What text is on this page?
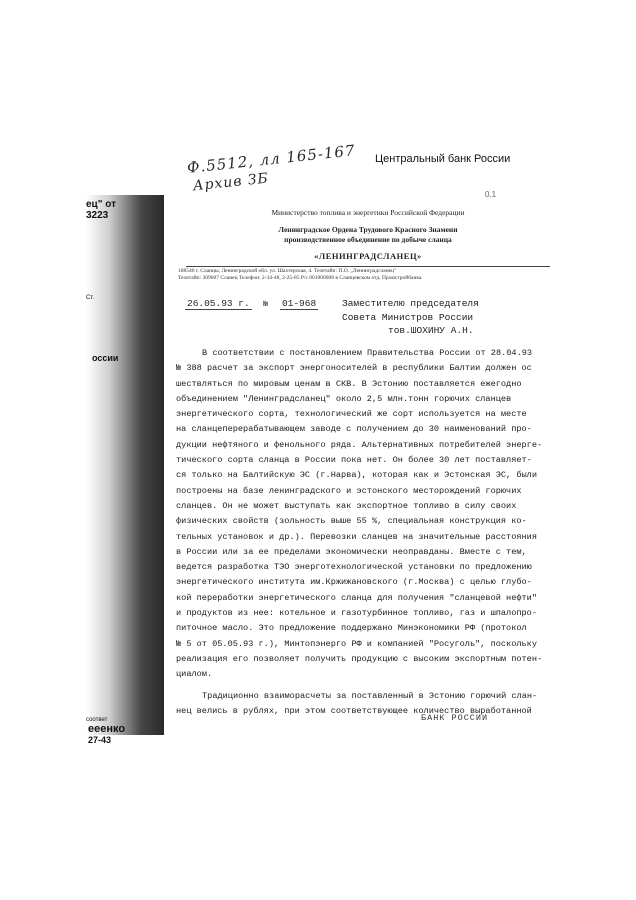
ец" от
3223
Ст.
оссии
соответ
ееенко
27-43
Ф.5512, лл 165-167
Архив ЗБ
Центральный банк России
0.1
Министерство топлива и энергетики Российской Федерации
Ленинградское Ордена Трудового Красного Знамени
производственное объединение по добыче сланца
«ЛЕНИНГРАДСЛАНЕЦ»
188540 г. Сланцы, Ленинградской обл. ул. Шахтерская, 4. Телетайп: П.О. „Ленинградсланец"
Телетайп: 309607 Сланец Телефон: 2-34-48, 2-25-85 Р/с 001000008 в Сланцевском отд. Промстройбанка
26.05.93 г. № 01-968	Заместителю председателя
Совета Министров России
тов.ШОХИНУ А.Н.
В соответствии с постановлением Правительства России от 28.04.93
№ 388 расчет за экспорт энергоносителей в республики Балтии должен ос
шествляться по мировым ценам в СКВ. В Эстонию поставляется ежегодно
объединением "Ленинградсланец" около 2,5 млн.тонн горючих сланцев
энергетического сорта, технологический же сорт используется на месте
на сланцеперерабатывающем заводе с получением до 30 наименований про-
дукции нефтяного и фенольного ряда. Альтернативных потребителей энерге-
тического сорта сланца в России пока нет. Он более 30 лет поставляет-
ся только на Балтийскую ЭС (г.Нарва), которая как и Эстонская ЭС, были
построены на базе ленинградского и эстонского месторождений горючих
сланцев. Он не может выступать как экспортное топливо в силу своих
физических свойств (зольность выше 55 %, специальная конструкция ко-
тельных установок и др.). Перевозки сланцев на значительные расстояния
в России или за ее пределами экономически неоправданы. Вместе с тем,
ведется разработка ТЭО энерготехнологической установки по предложению
энергетического института им.Кржижановского (г.Москва) с целью глубо-
кой переработки энергетического сланца для получения "сланцевой нефти"
и продуктов из нее: котельное и газотурбинное топливо, газ и шпалопро-
питочное масло. Это предложение поддержано Минэкономики РФ (протокол
№ 5 от 05.05.93 г.), Минтопэнерго РФ и компанией "Росуголь", поскольку
реализация его позволяет получить продукцию с высоким экспортным потен-
циалом.
Традиционно взаиморасчеты за поставленный в Эстонию горючий слан-
нец велись в рублях, при этом соответствующее количество выработанной
БАНК РОССИИ
